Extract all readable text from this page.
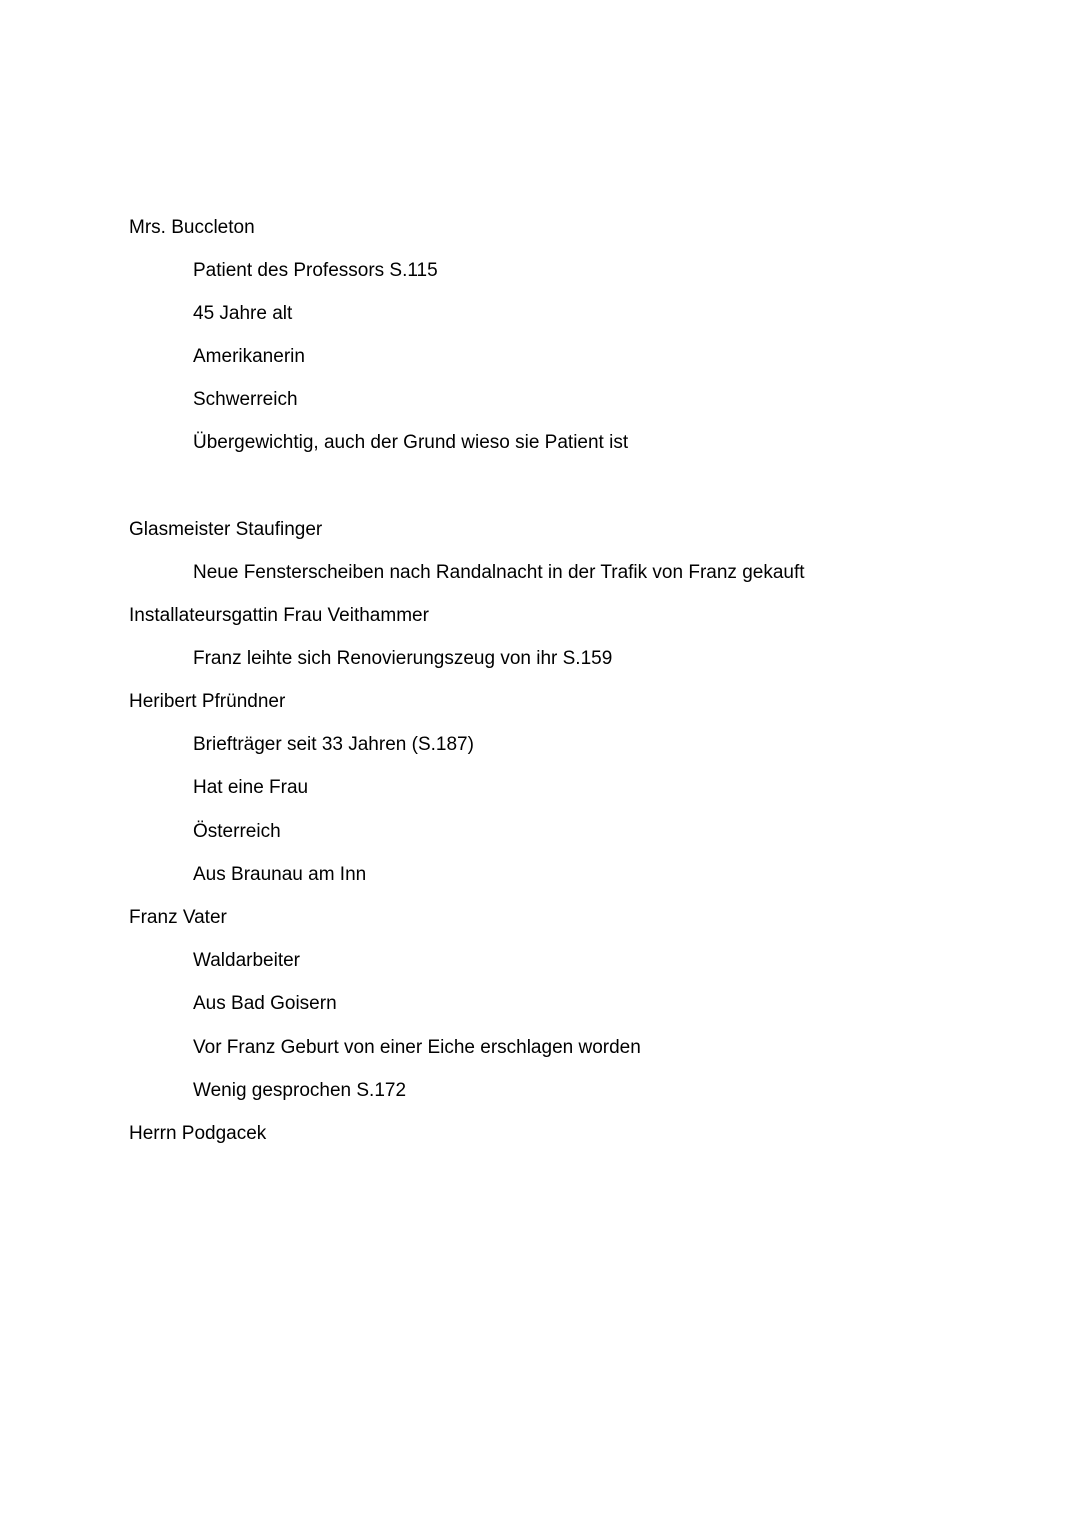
Mrs. Buccleton
Patient des Professors S.115
45 Jahre alt
Amerikanerin
Schwerreich
Übergewichtig, auch der Grund wieso sie Patient ist
Glasmeister Staufinger
Neue Fensterscheiben nach Randalnacht in der Trafik von Franz gekauft
Installateursgattin Frau Veithammer
Franz leihte sich Renovierungszeug von ihr S.159
Heribert Pfründner
Briefträger seit 33 Jahren (S.187)
Hat eine Frau
Österreich
Aus Braunau am Inn
Franz Vater
Waldarbeiter
Aus Bad Goisern
Vor Franz Geburt von einer Eiche erschlagen worden
Wenig gesprochen S.172
Herrn Podgacek
